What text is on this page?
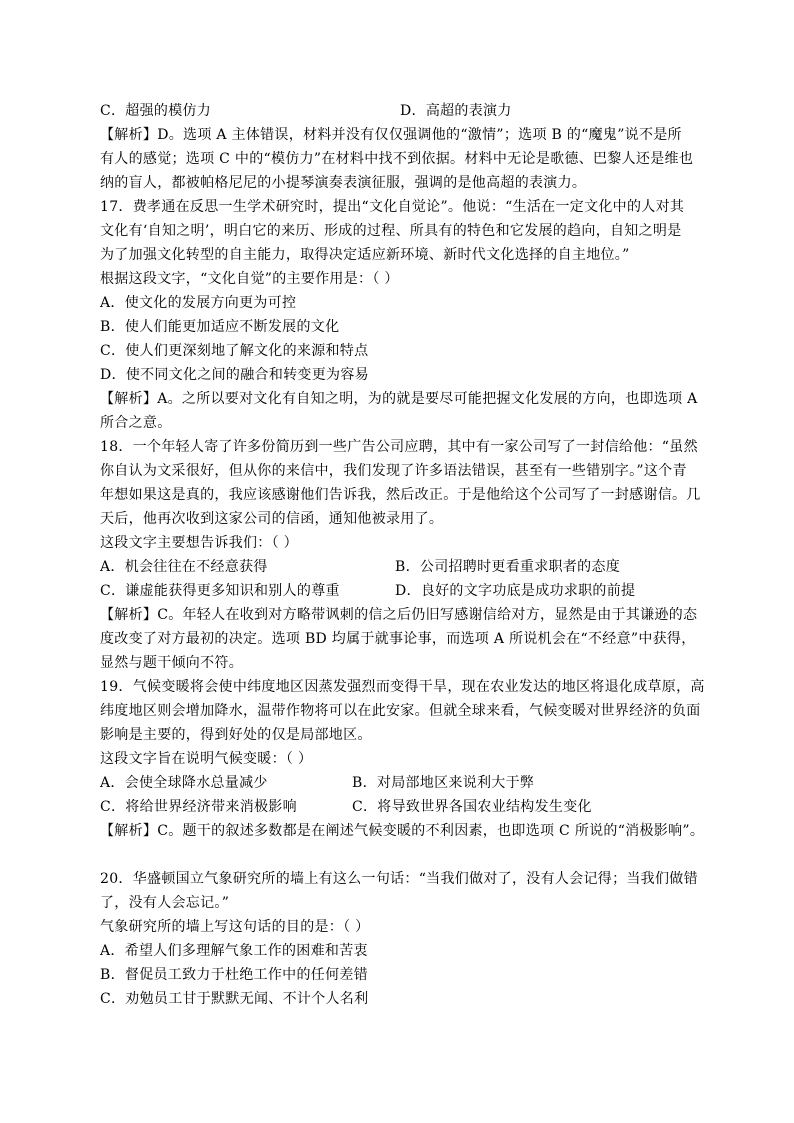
C．超强的模仿力	D．高超的表演力
【解析】D。选项 A 主体错误，材料并没有仅仅强调他的“激情”；选项 B 的“魔鬼”说不是所
有人的感觉；选项 C 中的“模仿力”在材料中找不到依据。材料中无论是歌德、巴黎人还是维也
纳的盲人，都被帕格尼尼的小提琴演奏表演征服，强调的是他高超的表演力。
17．费孝通在反思一生学术研究时，提出“文化自觉论”。他说：“生活在一定文化中的人对其
文化有‘自知之明’，明白它的来历、形成的过程、所具有的特色和它发展的趋向，自知之明是
为了加强文化转型的自主能力，取得决定适应新环境、新时代文化选择的自主地位。”
根据这段文字，“文化自觉”的主要作用是：（ ）
A．使文化的发展方向更为可控
B．使人们能更加适应不断发展的文化
C．使人们更深刻地了解文化的来源和特点
D．使不同文化之间的融合和转变更为容易
【解析】A。之所以要对文化有自知之明，为的就是要尽可能把握文化发展的方向，也即选项 A
所合之意。
18．一个年轻人寄了许多份简历到一些广告公司应聘，其中有一家公司写了一封信给他：“虽然
你自认为文采很好，但从你的来信中，我们发现了许多语法错误，甚至有一些错别字。”这个青
年想如果这是真的，我应该感谢他们告诉我，然后改正。于是他给这个公司写了一封感谢信。几
天后，他再次收到这家公司的信函，通知他被录用了。
这段文字主要想告诉我们：（ ）
A．机会往往在不经意获得	B．公司招聘时更看重求职者的态度
C．谦虚能获得更多知识和别人的尊重	D．良好的文字功底是成功求职的前提
【解析】C。年轻人在收到对方略带讽刺的信之后仍旧写感谢信给对方，显然是由于其谦逊的态
度改变了对方最初的决定。选项 BD 均属于就事论事，而选项 A 所说机会在“不经意”中获得，
显然与题干倾向不符。
19．气候变暖将会使中纬度地区因蒸发强烈而变得干旱，现在农业发达的地区将退化成草原，高
纬度地区则会增加降水，温带作物将可以在此安家。但就全球来看，气候变暖对世界经济的负面
影响是主要的，得到好处的仅是局部地区。
这段文字旨在说明气候变暖：（ ）
A．会使全球降水总量减少	B．对局部地区来说利大于弊
C．将给世界经济带来消极影响	C．将导致世界各国农业结构发生变化
【解析】C。题干的叙述多数都是在阐述气候变暖的不利因素，也即选项 C 所说的“消极影响”。
20．华盛顿国立气象研究所的墙上有这么一句话：“当我们做对了，没有人会记得；当我们做错
了，没有人会忘记。”
气象研究所的墙上写这句话的目的是：（ ）
A．希望人们多理解气象工作的困难和苦衷
B．督促员工致力于杜绝工作中的任何差错
C．劝勉员工甘于默默无闻、不计个人名利
